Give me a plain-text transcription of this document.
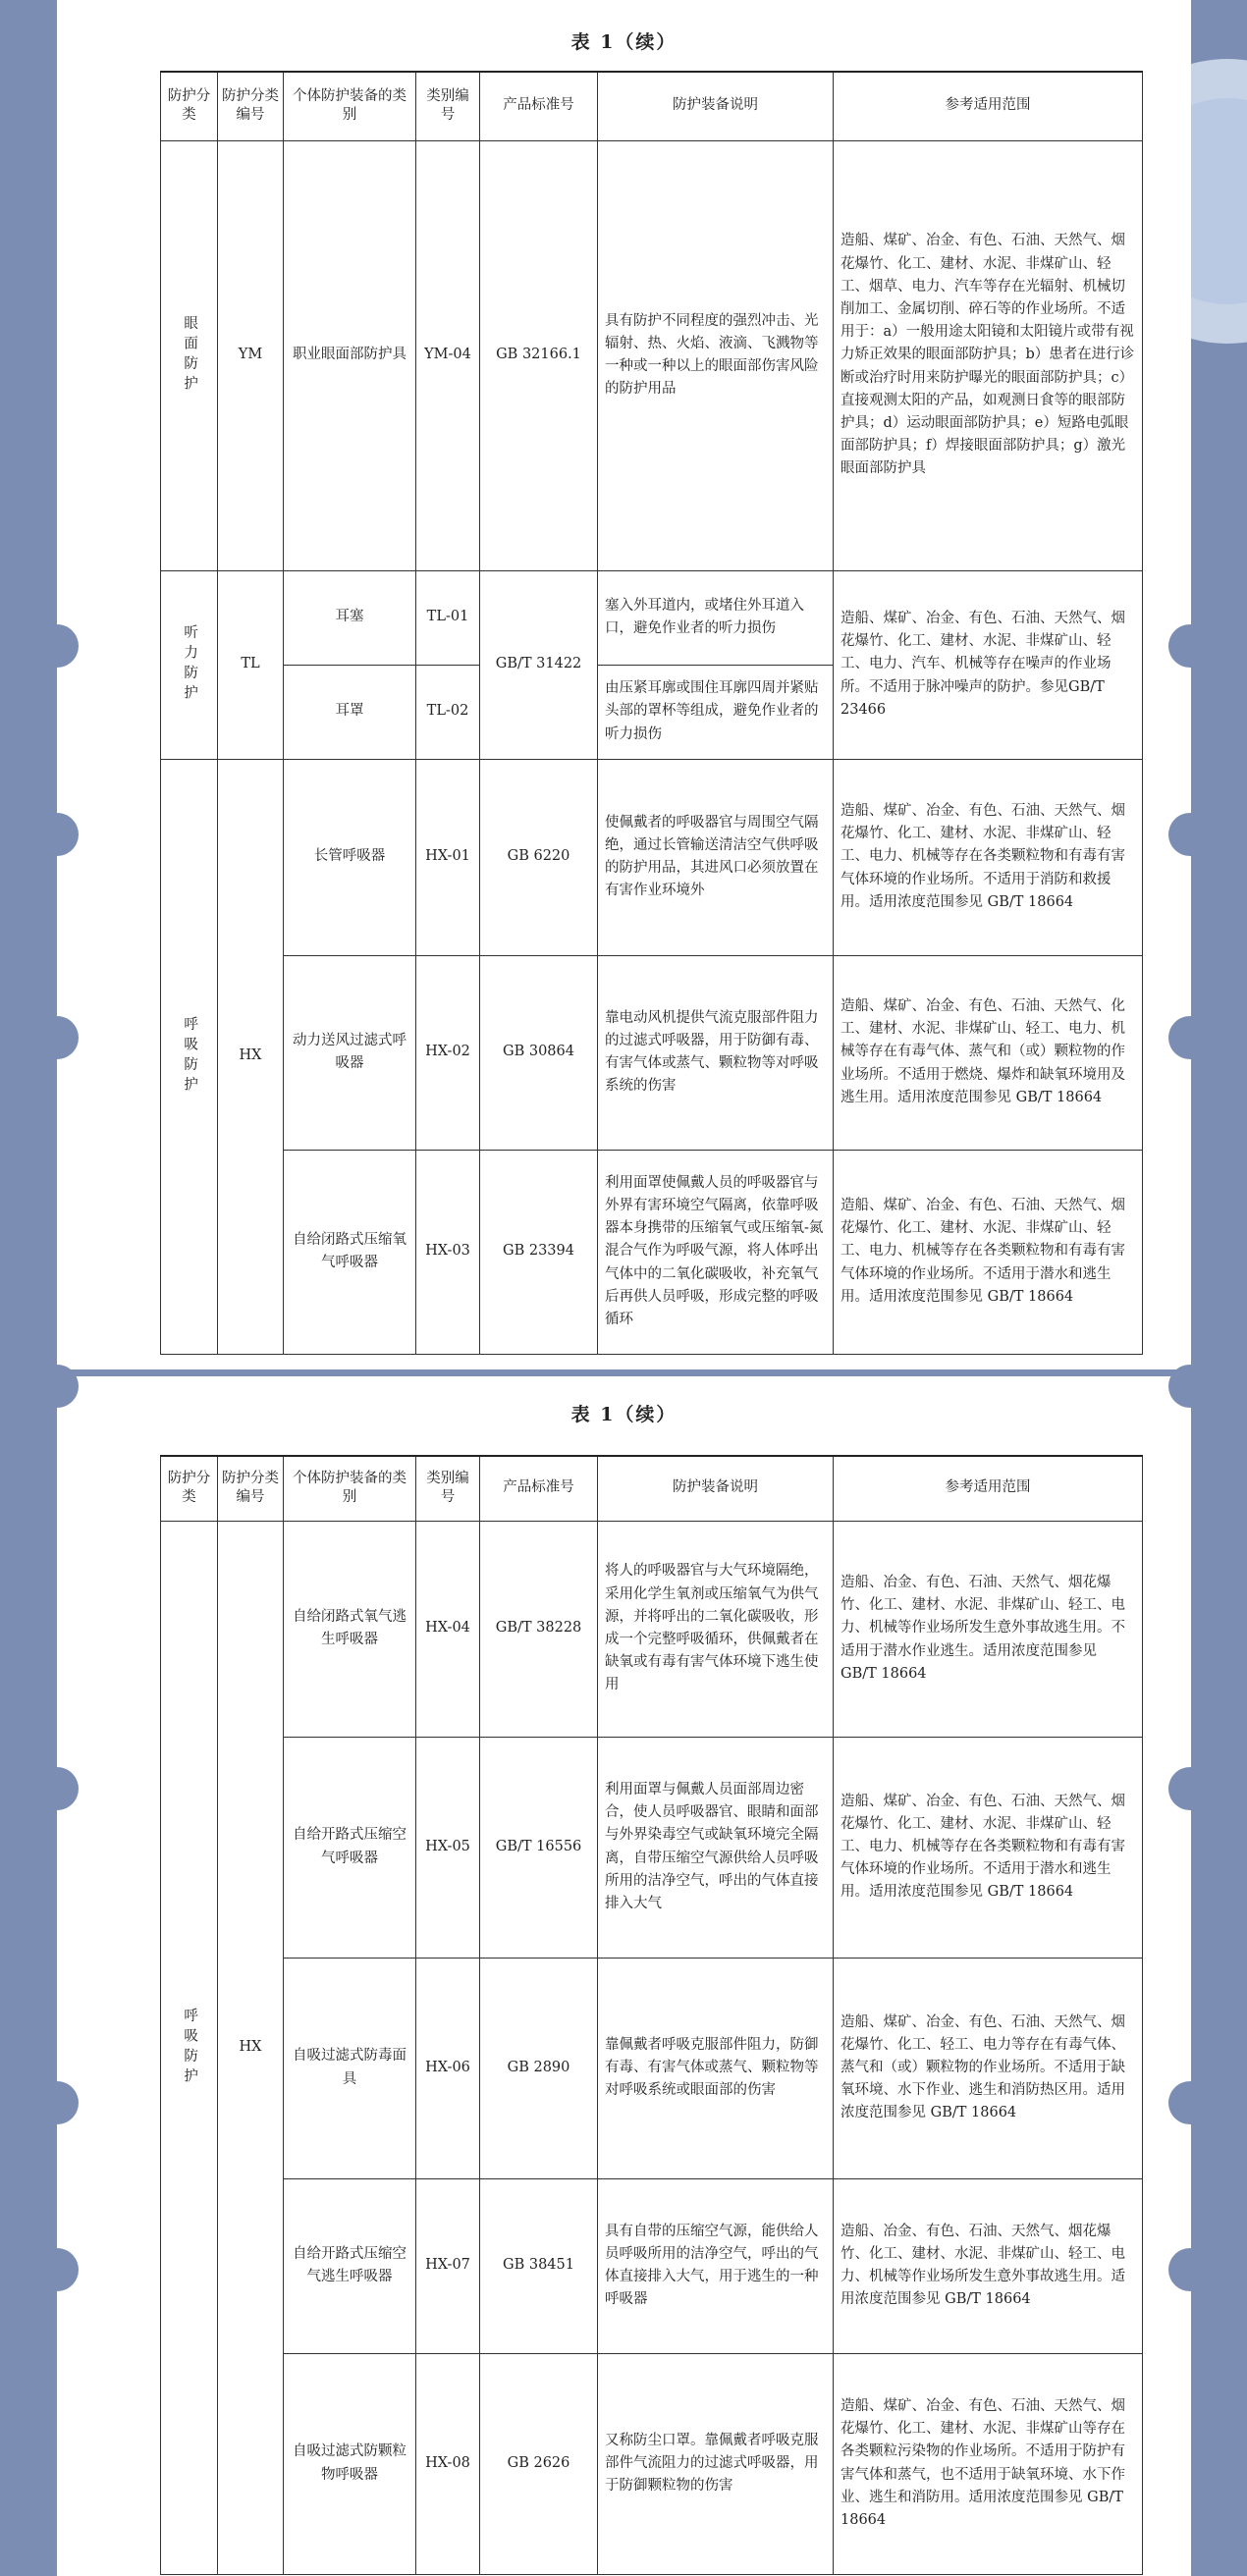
表 1（续）
防护分类	防护分类编号	个体防护装备的类别	类别编号	产品标准号	防护装备说明	参考适用范围
眼面防护	YM	职业眼面部防护具	YM-04	GB 32166.1	具有防护不同程度的强烈冲击、光辐射、热、火焰、液滴、飞溅物等一种或一种以上的眼面部伤害风险的防护用品	造船、煤矿、冶金、有色、石油、天然气、烟花爆竹、化工、建材、水泥、非煤矿山、轻工、烟草、电力、汽车等存在光辐射、机械切削加工、金属切削、碎石等的作业场所。不适用于：a）一般用途太阳镜和太阳镜片或带有视力矫正效果的眼面部防护具；b）患者在进行诊断或治疗时用来防护曝光的眼面部防护具；c）直接观测太阳的产品，如观测日食等的眼部防护具；d）运动眼面部防护具；e）短路电弧眼面部防护具；f）焊接眼面部防护具；g）激光眼面部防护具
听力防护	TL	耳塞	TL-01	GB/T 31422	塞入外耳道内，或堵住外耳道入口，避免作业者的听力损伤	造船、煤矿、冶金、有色、石油、天然气、烟花爆竹、化工、建材、水泥、非煤矿山、轻工、电力、汽车、机械等存在噪声的作业场所。不适用于脉冲噪声的防护。参见GB/T 23466
		耳罩	TL-02		由压紧耳廓或围住耳廓四周并紧贴头部的罩杯等组成，避免作业者的听力损伤	
呼吸防护	HX	长管呼吸器	HX-01	GB 6220	使佩戴者的呼吸器官与周围空气隔绝，通过长管输送清洁空气供呼吸的防护用品，其进风口必须放置在有害作业环境外	造船、煤矿、冶金、有色、石油、天然气、烟花爆竹、化工、建材、水泥、非煤矿山、轻工、电力、机械等存在各类颗粒物和有毒有害气体环境的作业场所。不适用于消防和救援用。适用浓度范围参见 GB/T 18664
		动力送风过滤式呼吸器	HX-02	GB 30864	靠电动风机提供气流克服部件阻力的过滤式呼吸器，用于防御有毒、有害气体或蒸气、颗粒物等对呼吸系统的伤害	造船、煤矿、冶金、有色、石油、天然气、化工、建材、水泥、非煤矿山、轻工、电力、机械等存在有毒气体、蒸气和（或）颗粒物的作业场所。不适用于燃烧、爆炸和缺氧环境用及逃生用。适用浓度范围参见 GB/T 18664
		自给闭路式压缩氧气呼吸器	HX-03	GB 23394	利用面罩使佩戴人员的呼吸器官与外界有害环境空气隔离，依靠呼吸器本身携带的压缩氧气或压缩氧-氮混合气作为呼吸气源，将人体呼出气体中的二氧化碳吸收，补充氧气后再供人员呼吸，形成完整的呼吸循环	造船、煤矿、冶金、有色、石油、天然气、烟花爆竹、化工、建材、水泥、非煤矿山、轻工、电力、机械等存在各类颗粒物和有毒有害气体环境的作业场所。不适用于潜水和逃生用。适用浓度范围参见 GB/T 18664
表 1（续）
防护分类	防护分类编号	个体防护装备的类别	类别编号	产品标准号	防护装备说明	参考适用范围
呼吸防护	HX	自给闭路式氧气逃生呼吸器	HX-04	GB/T 38228	将人的呼吸器官与大气环境隔绝，采用化学生氧剂或压缩氧气为供气源，并将呼出的二氧化碳吸收，形成一个完整呼吸循环，供佩戴者在缺氧或有毒有害气体环境下逃生使用	造船、冶金、有色、石油、天然气、烟花爆竹、化工、建材、水泥、非煤矿山、轻工、电力、机械等作业场所发生意外事故逃生用。不适用于潜水作业逃生。适用浓度范围参见 GB/T 18664
		自给开路式压缩空气呼吸器	HX-05	GB/T 16556	利用面罩与佩戴人员面部周边密合，使人员呼吸器官、眼睛和面部与外界染毒空气或缺氧环境完全隔离，自带压缩空气源供给人员呼吸所用的洁净空气，呼出的气体直接排入大气	造船、煤矿、冶金、有色、石油、天然气、烟花爆竹、化工、建材、水泥、非煤矿山、轻工、电力、机械等存在各类颗粒物和有毒有害气体环境的作业场所。不适用于潜水和逃生用。适用浓度范围参见 GB/T 18664
		自吸过滤式防毒面具	HX-06	GB 2890	靠佩戴者呼吸克服部件阻力，防御有毒、有害气体或蒸气、颗粒物等对呼吸系统或眼面部的伤害	造船、煤矿、冶金、有色、石油、天然气、烟花爆竹、化工、轻工、电力等存在有毒气体、蒸气和（或）颗粒物的作业场所。不适用于缺氧环境、水下作业、逃生和消防热区用。适用浓度范围参见 GB/T 18664
		自给开路式压缩空气逃生呼吸器	HX-07	GB 38451	具有自带的压缩空气源，能供给人员呼吸所用的洁净空气，呼出的气体直接排入大气，用于逃生的一种呼吸器	造船、冶金、有色、石油、天然气、烟花爆竹、化工、建材、水泥、非煤矿山、轻工、电力、机械等作业场所发生意外事故逃生用。适用浓度范围参见 GB/T 18664
		自吸过滤式防颗粒物呼吸器	HX-08	GB 2626	又称防尘口罩。靠佩戴者呼吸克服部件气流阻力的过滤式呼吸器，用于防御颗粒物的伤害	造船、煤矿、冶金、有色、石油、天然气、烟花爆竹、化工、建材、水泥、非煤矿山等存在各类颗粒污染物的作业场所。不适用于防护有害气体和蒸气，也不适用于缺氧环境、水下作业、逃生和消防用。适用浓度范围参见 GB/T 18664
